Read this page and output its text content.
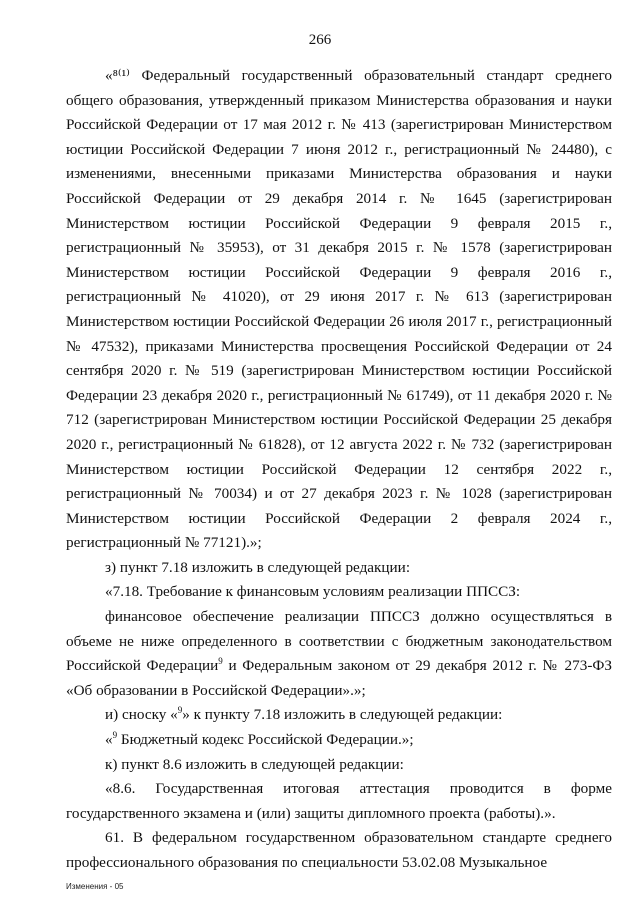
266

«⁸⁽¹⁾ Федеральный государственный образовательный стандарт среднего общего образования, утвержденный приказом Министерства образования и науки Российской Федерации от 17 мая 2012 г. № 413 (зарегистрирован Министерством юстиции Российской Федерации 7 июня 2012 г., регистрационный № 24480), с изменениями, внесенными приказами Министерства образования и науки Российской Федерации от 29 декабря 2014 г. № 1645 (зарегистрирован Министерством юстиции Российской Федерации 9 февраля 2015 г., регистрационный № 35953), от 31 декабря 2015 г. № 1578 (зарегистрирован Министерством юстиции Российской Федерации 9 февраля 2016 г., регистрационный № 41020), от 29 июня 2017 г. № 613 (зарегистрирован Министерством юстиции Российской Федерации 26 июля 2017 г., регистрационный № 47532), приказами Министерства просвещения Российской Федерации от 24 сентября 2020 г. № 519 (зарегистрирован Министерством юстиции Российской Федерации 23 декабря 2020 г., регистрационный № 61749), от 11 декабря 2020 г. № 712 (зарегистрирован Министерством юстиции Российской Федерации 25 декабря 2020 г., регистрационный № 61828), от 12 августа 2022 г. № 732 (зарегистрирован Министерством юстиции Российской Федерации 12 сентября 2022 г., регистрационный № 70034) и от 27 декабря 2023 г. № 1028 (зарегистрирован Министерством юстиции Российской Федерации 2 февраля 2024 г., регистрационный № 77121).»;

з) пункт 7.18 изложить в следующей редакции:

«7.18. Требование к финансовым условиям реализации ППССЗ:

финансовое обеспечение реализации ППССЗ должно осуществляться в объеме не ниже определенного в соответствии с бюджетным законодательством Российской Федерации$^9$ и Федеральным законом от 29 декабря 2012 г. № 273-ФЗ «Об образовании в Российской Федерации».»;

и) сноску «$^9$» к пункту 7.18 изложить в следующей редакции:

«$^9$ Бюджетный кодекс Российской Федерации.»;

к) пункт 8.6 изложить в следующей редакции:

«8.6. Государственная итоговая аттестация проводится в форме государственного экзамена и (или) защиты дипломного проекта (работы).».

61. В федеральном государственном образовательном стандарте среднего профессионального образования по специальности 53.02.08 Музыкальное

Изменения - 05
